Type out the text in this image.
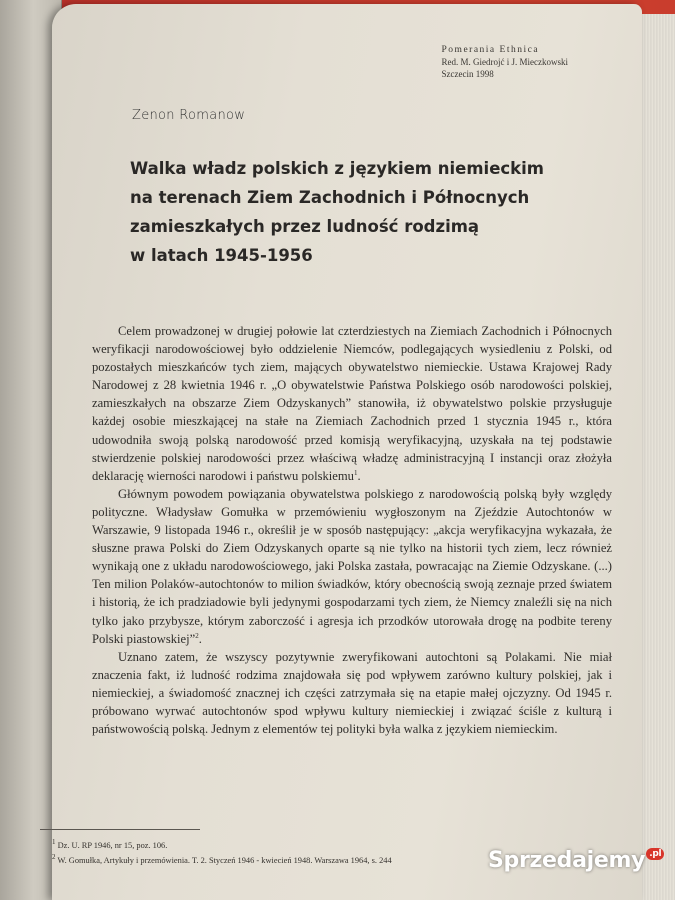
Pomerania Ethnica
Red. M. Giedrojć i J. Mieczkowski
Szczecin 1998
Zenon Romanow
Walka władz polskich z językiem niemieckim
na terenach Ziem Zachodnich i Północnych
zamieszkałych przez ludność rodzimą
w latach 1945-1956

Celem prowadzonej w drugiej połowie lat czterdziestych na Ziemiach Zachodnich i Północnych weryfikacji narodowościowej było oddzielenie Niemców, podlegających wysiedleniu z Polski, od pozostałych mieszkańców tych ziem, mających obywatelstwo niemieckie. Ustawa Krajowej Rady Narodowej z 28 kwietnia 1946 r. „O obywatelstwie Państwa Polskiego osób narodowości polskiej, zamieszkałych na obszarze Ziem Odzyskanych” stanowiła, iż obywatelstwo polskie przysługuje każdej osobie mieszkającej na stałe na Ziemiach Zachodnich przed 1 stycznia 1945 r., która udowodniła swoją polską narodowość przed komisją weryfikacyjną, uzyskała na tej podstawie stwierdzenie polskiej narodowości przez właściwą władzę administracyjną I instancji oraz złożyła deklarację wierności narodowi i państwu polskiemu$^1$.

Głównym powodem powiązania obywatelstwa polskiego z narodowością polską były względy polityczne. Władysław Gomułka w przemówieniu wygłoszonym na Zjeździe Autochtonów w Warszawie, 9 listopada 1946 r., określił je w sposób następujący: „akcja weryfikacyjna wykazała, że słuszne prawa Polski do Ziem Odzyskanych oparte są nie tylko na historii tych ziem, lecz również wynikają one z układu narodowościowego, jaki Polska zastała, powracając na Ziemie Odzyskane. (...) Ten milion Polaków-autochtonów to milion świadków, który obecnością swoją zeznaje przed światem i historią, że ich pradziadowie byli jedynymi gospodarzami tych ziem, że Niemcy znaleźli się na nich tylko jako przybysze, którym zaborczość i agresja ich przodków utorowała drogę na podbite tereny Polski piastowskiej”$^2$.

Uznano zatem, że wszyscy pozytywnie zweryfikowani autochtoni są Polakami. Nie miał znaczenia fakt, iż ludność rodzima znajdowała się pod wpływem zarówno kultury polskiej, jak i niemieckiej, a świadomość znacznej ich części zatrzymała się na etapie małej ojczyzny. Od 1945 r. próbowano wyrwać autochtonów spod wpływu kultury niemieckiej i związać ściśle z kulturą i państwowością polską. Jednym z elementów tej polityki była walka z językiem niemieckim.

$^1$ Dz. U. RP 1946, nr 15, poz. 106.
$^2$ W. Gomułka, Artykuły i przemówienia. T. 2. Styczeń 1946 - kwiecień 1948. Warszawa 1964, s. 244	Sprzedajemy $^{.pl}$
